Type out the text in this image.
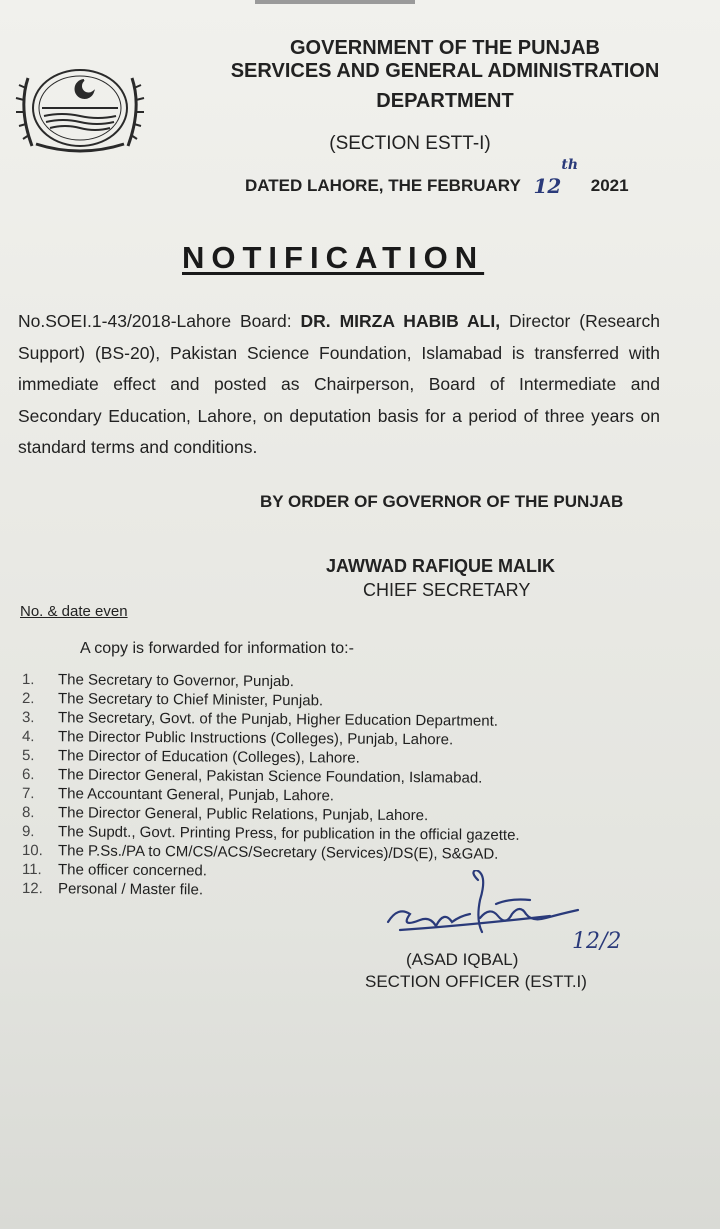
GOVERNMENT OF THE PUNJAB
SERVICES AND GENERAL ADMINISTRATION
DEPARTMENT
(SECTION ESTT-I)
DATED LAHORE, THE FEBRUARY 12th 2021
NOTIFICATION
No.SOEI.1-43/2018-Lahore Board: DR. MIRZA HABIB ALI, Director (Research Support) (BS-20), Pakistan Science Foundation, Islamabad is transferred with immediate effect and posted as Chairperson, Board of Intermediate and Secondary Education, Lahore, on deputation basis for a period of three years on standard terms and conditions.
BY ORDER OF GOVERNOR OF THE PUNJAB
JAWWAD RAFIQUE MALIK
CHIEF SECRETARY
No. & date even
A copy is forwarded for information to:-
1. The Secretary to Governor, Punjab.
2. The Secretary to Chief Minister, Punjab.
3. The Secretary, Govt. of the Punjab, Higher Education Department.
4. The Director Public Instructions (Colleges), Punjab, Lahore.
5. The Director of Education (Colleges), Lahore.
6. The Director General, Pakistan Science Foundation, Islamabad.
7. The Accountant General, Punjab, Lahore.
8. The Director General, Public Relations, Punjab, Lahore.
9. The Supdt., Govt. Printing Press, for publication in the official gazette.
10. The P.Ss./PA to CM/CS/ACS/Secretary (Services)/DS(E), S&GAD.
11. The officer concerned.
12. Personal / Master file.
12/2
(ASAD IQBAL)
SECTION OFFICER (ESTT.I)
